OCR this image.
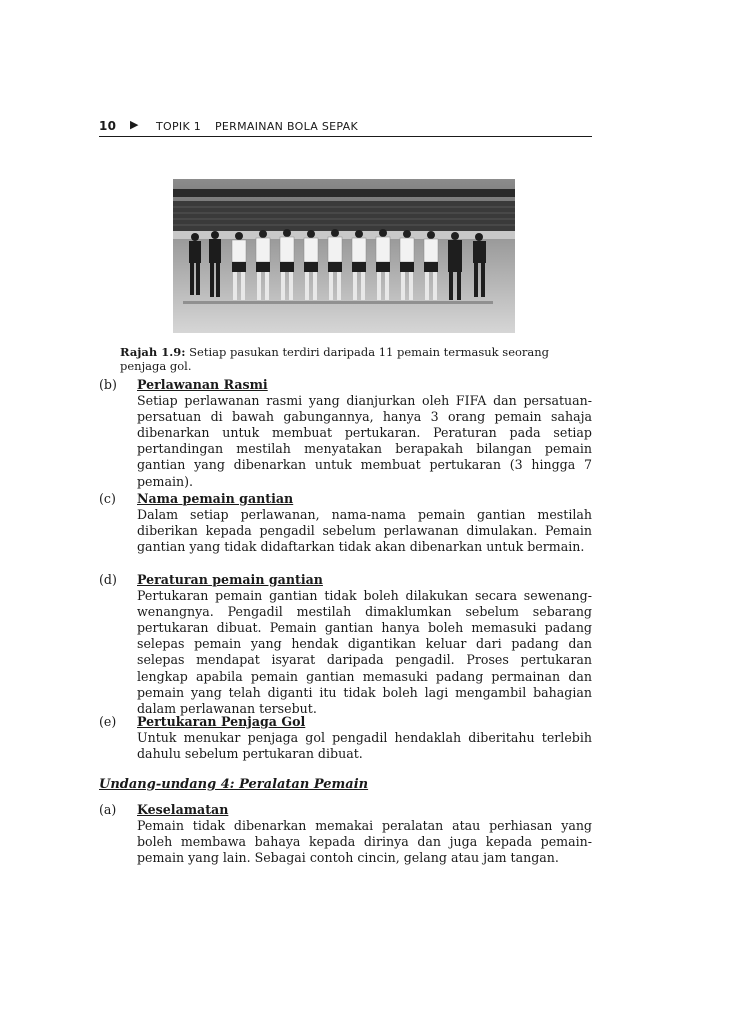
10 ▶ TOPIK 1 PERMAINAN BOLA SEPAK
Rajah 1.9: Setiap pasukan terdiri daripada 11 pemain termasuk seorang penjaga gol.
(b) Perlawanan Rasmi
Setiap perlawanan rasmi yang dianjurkan oleh FIFA dan persatuan-persatuan di bawah gabungannya, hanya 3 orang pemain sahaja dibenarkan untuk membuat pertukaran. Peraturan pada setiap pertandingan mestilah menyatakan berapakah bilangan pemain gantian yang dibenarkan untuk membuat pertukaran (3 hingga 7 pemain).
(c) Nama pemain gantian
Dalam setiap perlawanan, nama-nama pemain gantian mestilah diberikan kepada pengadil sebelum perlawanan dimulakan. Pemain gantian yang tidak didaftarkan tidak akan dibenarkan untuk bermain.
(d) Peraturan pemain gantian
Pertukaran pemain gantian tidak boleh dilakukan secara sewenang-wenangnya. Pengadil mestilah dimaklumkan sebelum sebarang pertukaran dibuat. Pemain gantian hanya boleh memasuki padang selepas pemain yang hendak digantikan keluar dari padang dan selepas mendapat isyarat daripada pengadil. Proses pertukaran lengkap apabila pemain gantian memasuki padang permainan dan pemain yang telah diganti itu tidak boleh lagi mengambil bahagian dalam perlawanan tersebut.
(e) Pertukaran Penjaga Gol
Untuk menukar penjaga gol pengadil hendaklah diberitahu terlebih dahulu sebelum pertukaran dibuat.
Undang-undang 4: Peralatan Pemain
(a) Keselamatan
Pemain tidak dibenarkan memakai peralatan atau perhiasan yang boleh membawa bahaya kepada dirinya dan juga kepada pemain-pemain yang lain. Sebagai contoh cincin, gelang atau jam tangan.
